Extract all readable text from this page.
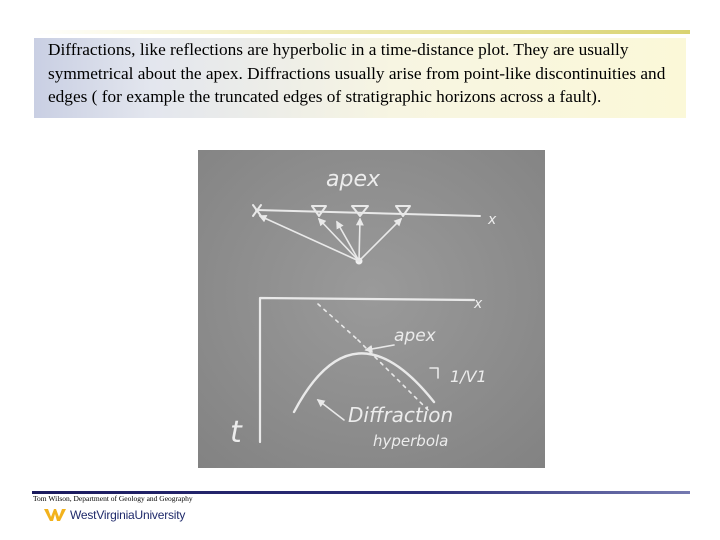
Diffractions, like reflections are hyperbolic in a time-distance plot. They are usually symmetrical about the apex. Diffractions usually arise from point-like discontinuities and edges ( for example the truncated edges of stratigraphic horizons across a fault).

apex
x
x
t
apex
1/V1
Diffraction
hyperbola
Tom Wilson, Department of Geology and Geography
WestVirginiaUniversity
